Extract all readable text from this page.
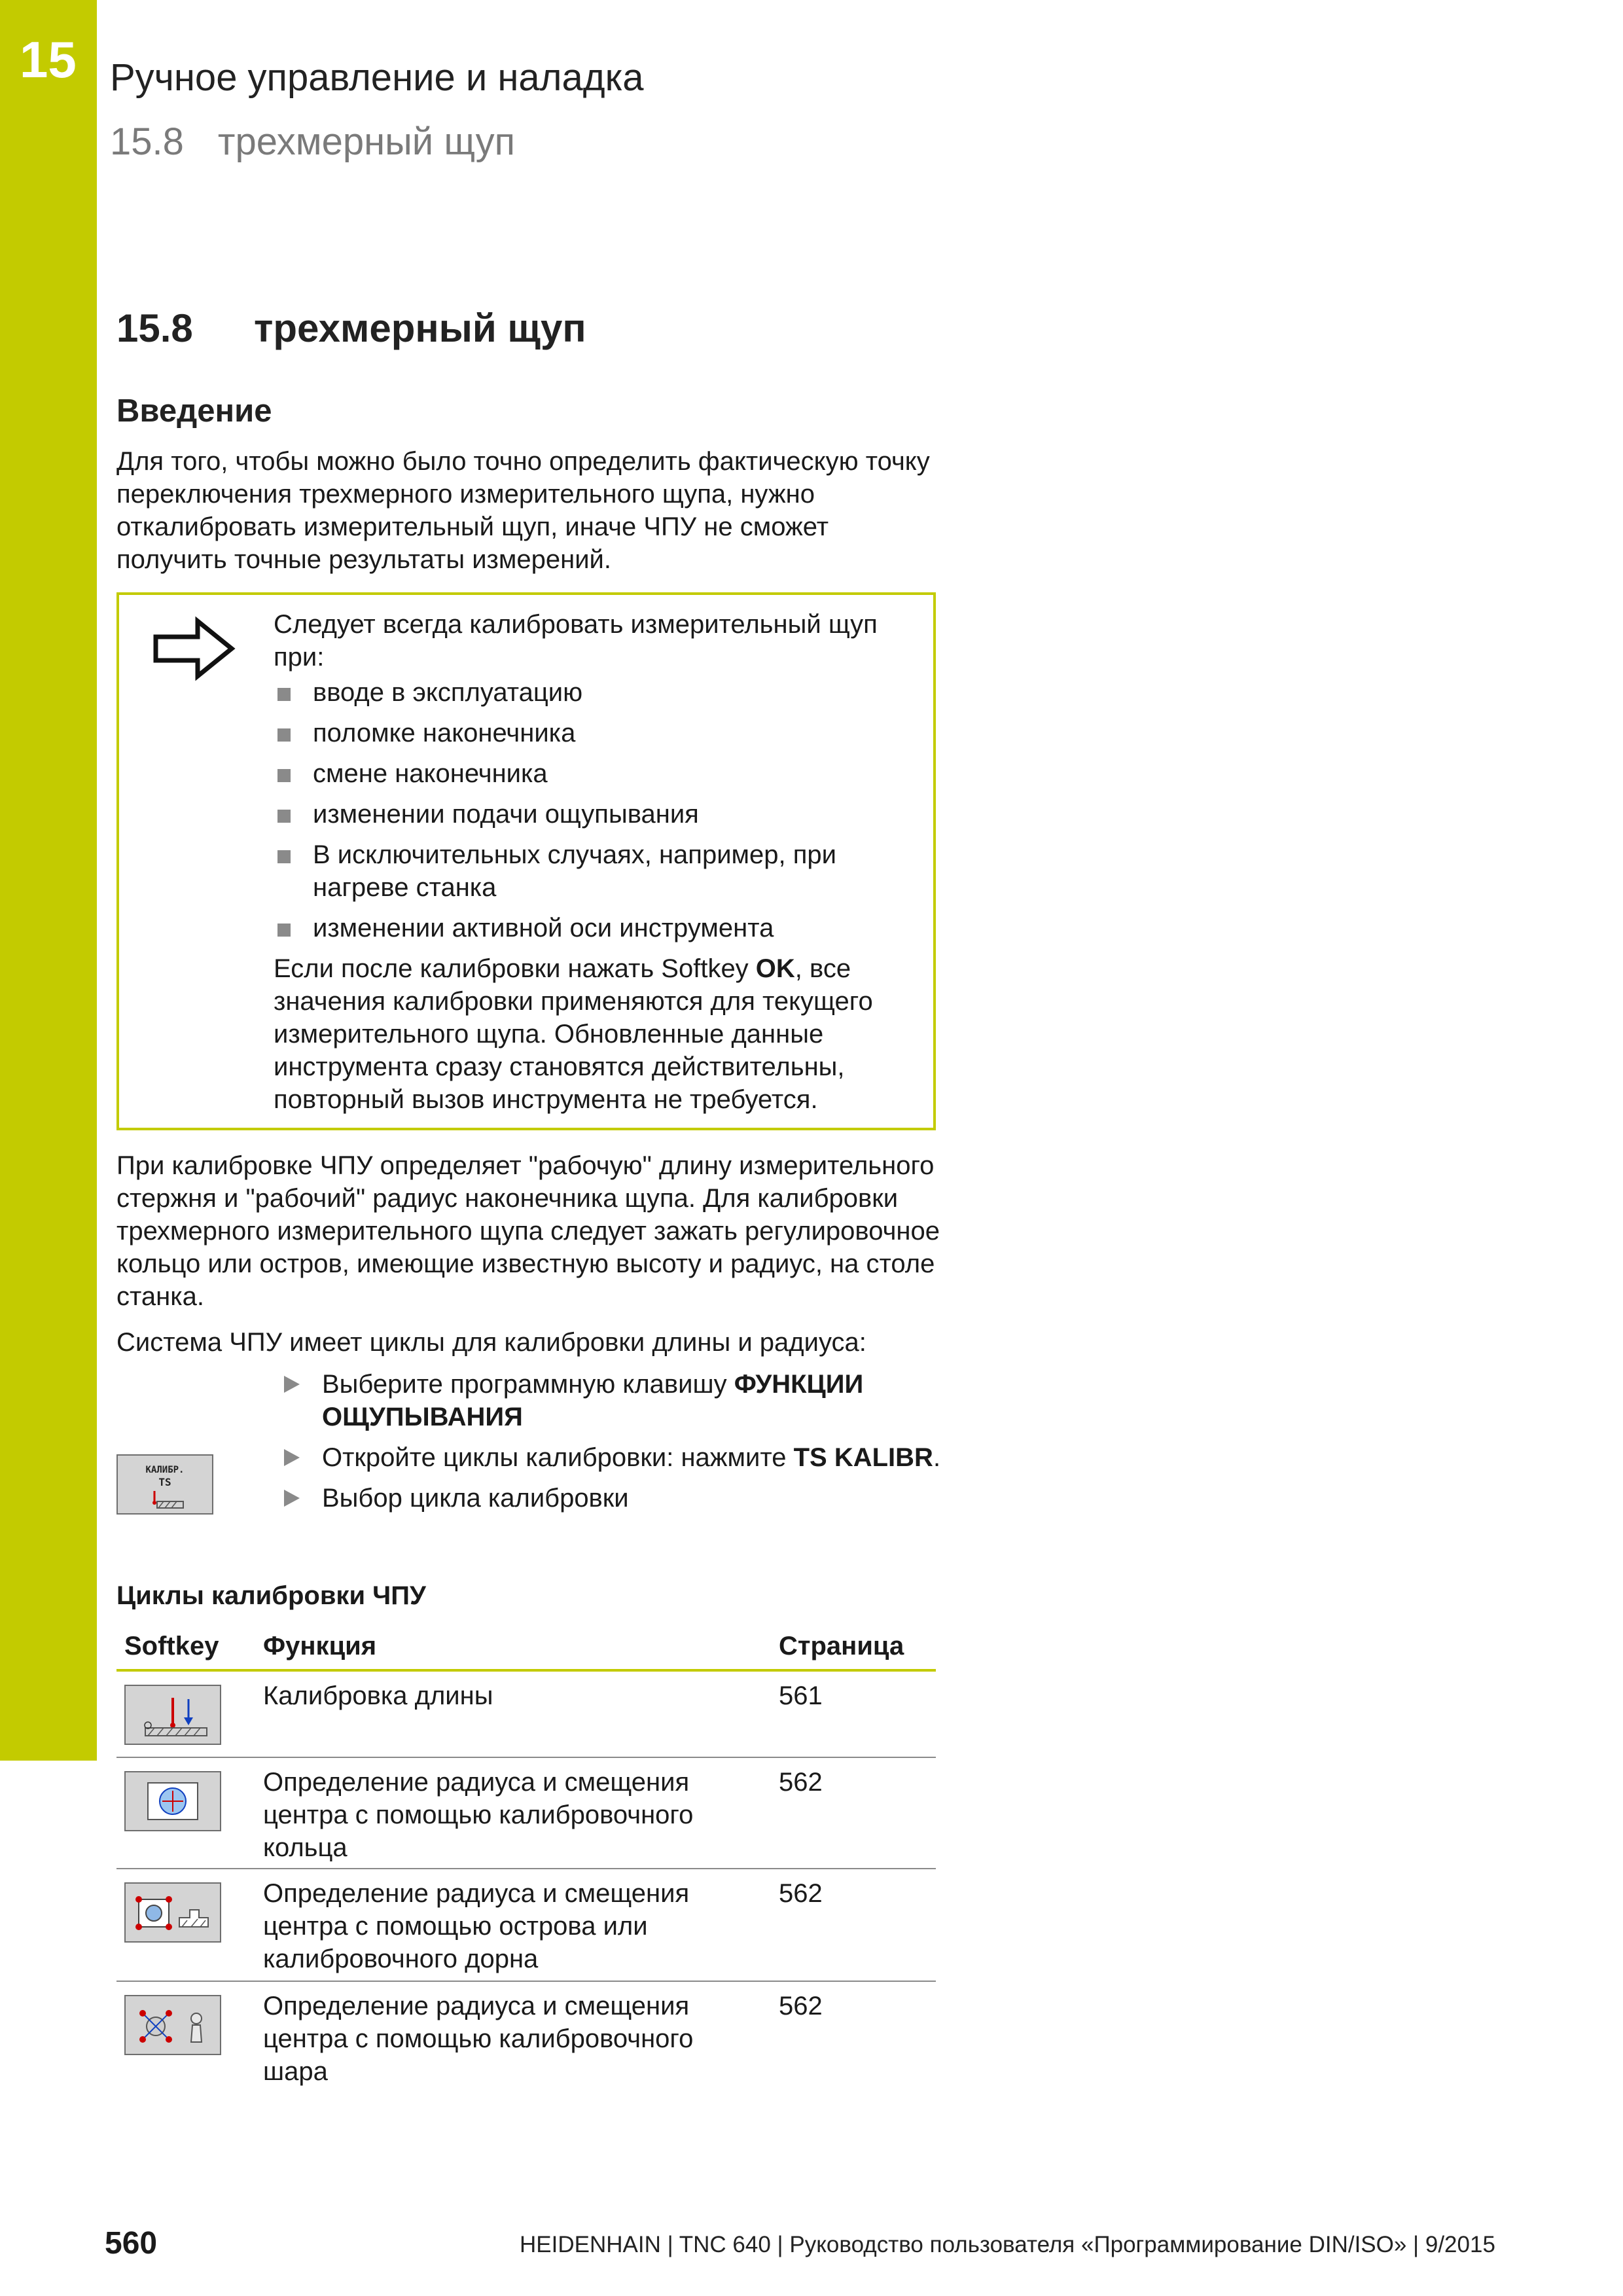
15 Ручное управление и наладка
15.8 трехмерный щуп
15.8 трехмерный щуп
Введение
Для того, чтобы можно было точно определить фактическую точку переключения трехмерного измерительного щупа, нужно откалибровать измерительный щуп, иначе ЧПУ не сможет получить точные результаты измерений.
Следует всегда калибровать измерительный щуп при:
вводе в эксплуатацию
поломке наконечника
смене наконечника
изменении подачи ощупывания
В исключительных случаях, например, при нагреве станка
изменении активной оси инструмента
Если после калибровки нажать Softkey OK, все значения калибровки применяются для текущего измерительного щупа. Обновленные данные инструмента сразу становятся действительны, повторный вызов инструмента не требуется.
При калибровке ЧПУ определяет "рабочую" длину измерительного стержня и "рабочий" радиус наконечника щупа. Для калибровки трехмерного измерительного щупа следует зажать регулировочное кольцо или остров, имеющие известную высоту и радиус, на столе станка.
Система ЧПУ имеет циклы для калибровки длины и радиуса:
КАЛИБР.
TS
Выберите программную клавишу ФУНКЦИИ ОЩУПЫВАНИЯ
Откройте циклы калибровки: нажмите TS KALIBR.
Выбор цикла калибровки
Циклы калибровки ЧПУ
Softkey Функция	Страница
Калибровка длины	561
Определение радиуса и смещения центра с помощью калибровочного кольца
562
Определение радиуса и смещения центра с помощью острова или калибровочного дорна
562
Определение радиуса и смещения центра с помощью калибровочного шара
562
560	HEIDENHAIN | TNC 640 | Руководство пользователя «Программирование DIN/ISO» | 9/2015
